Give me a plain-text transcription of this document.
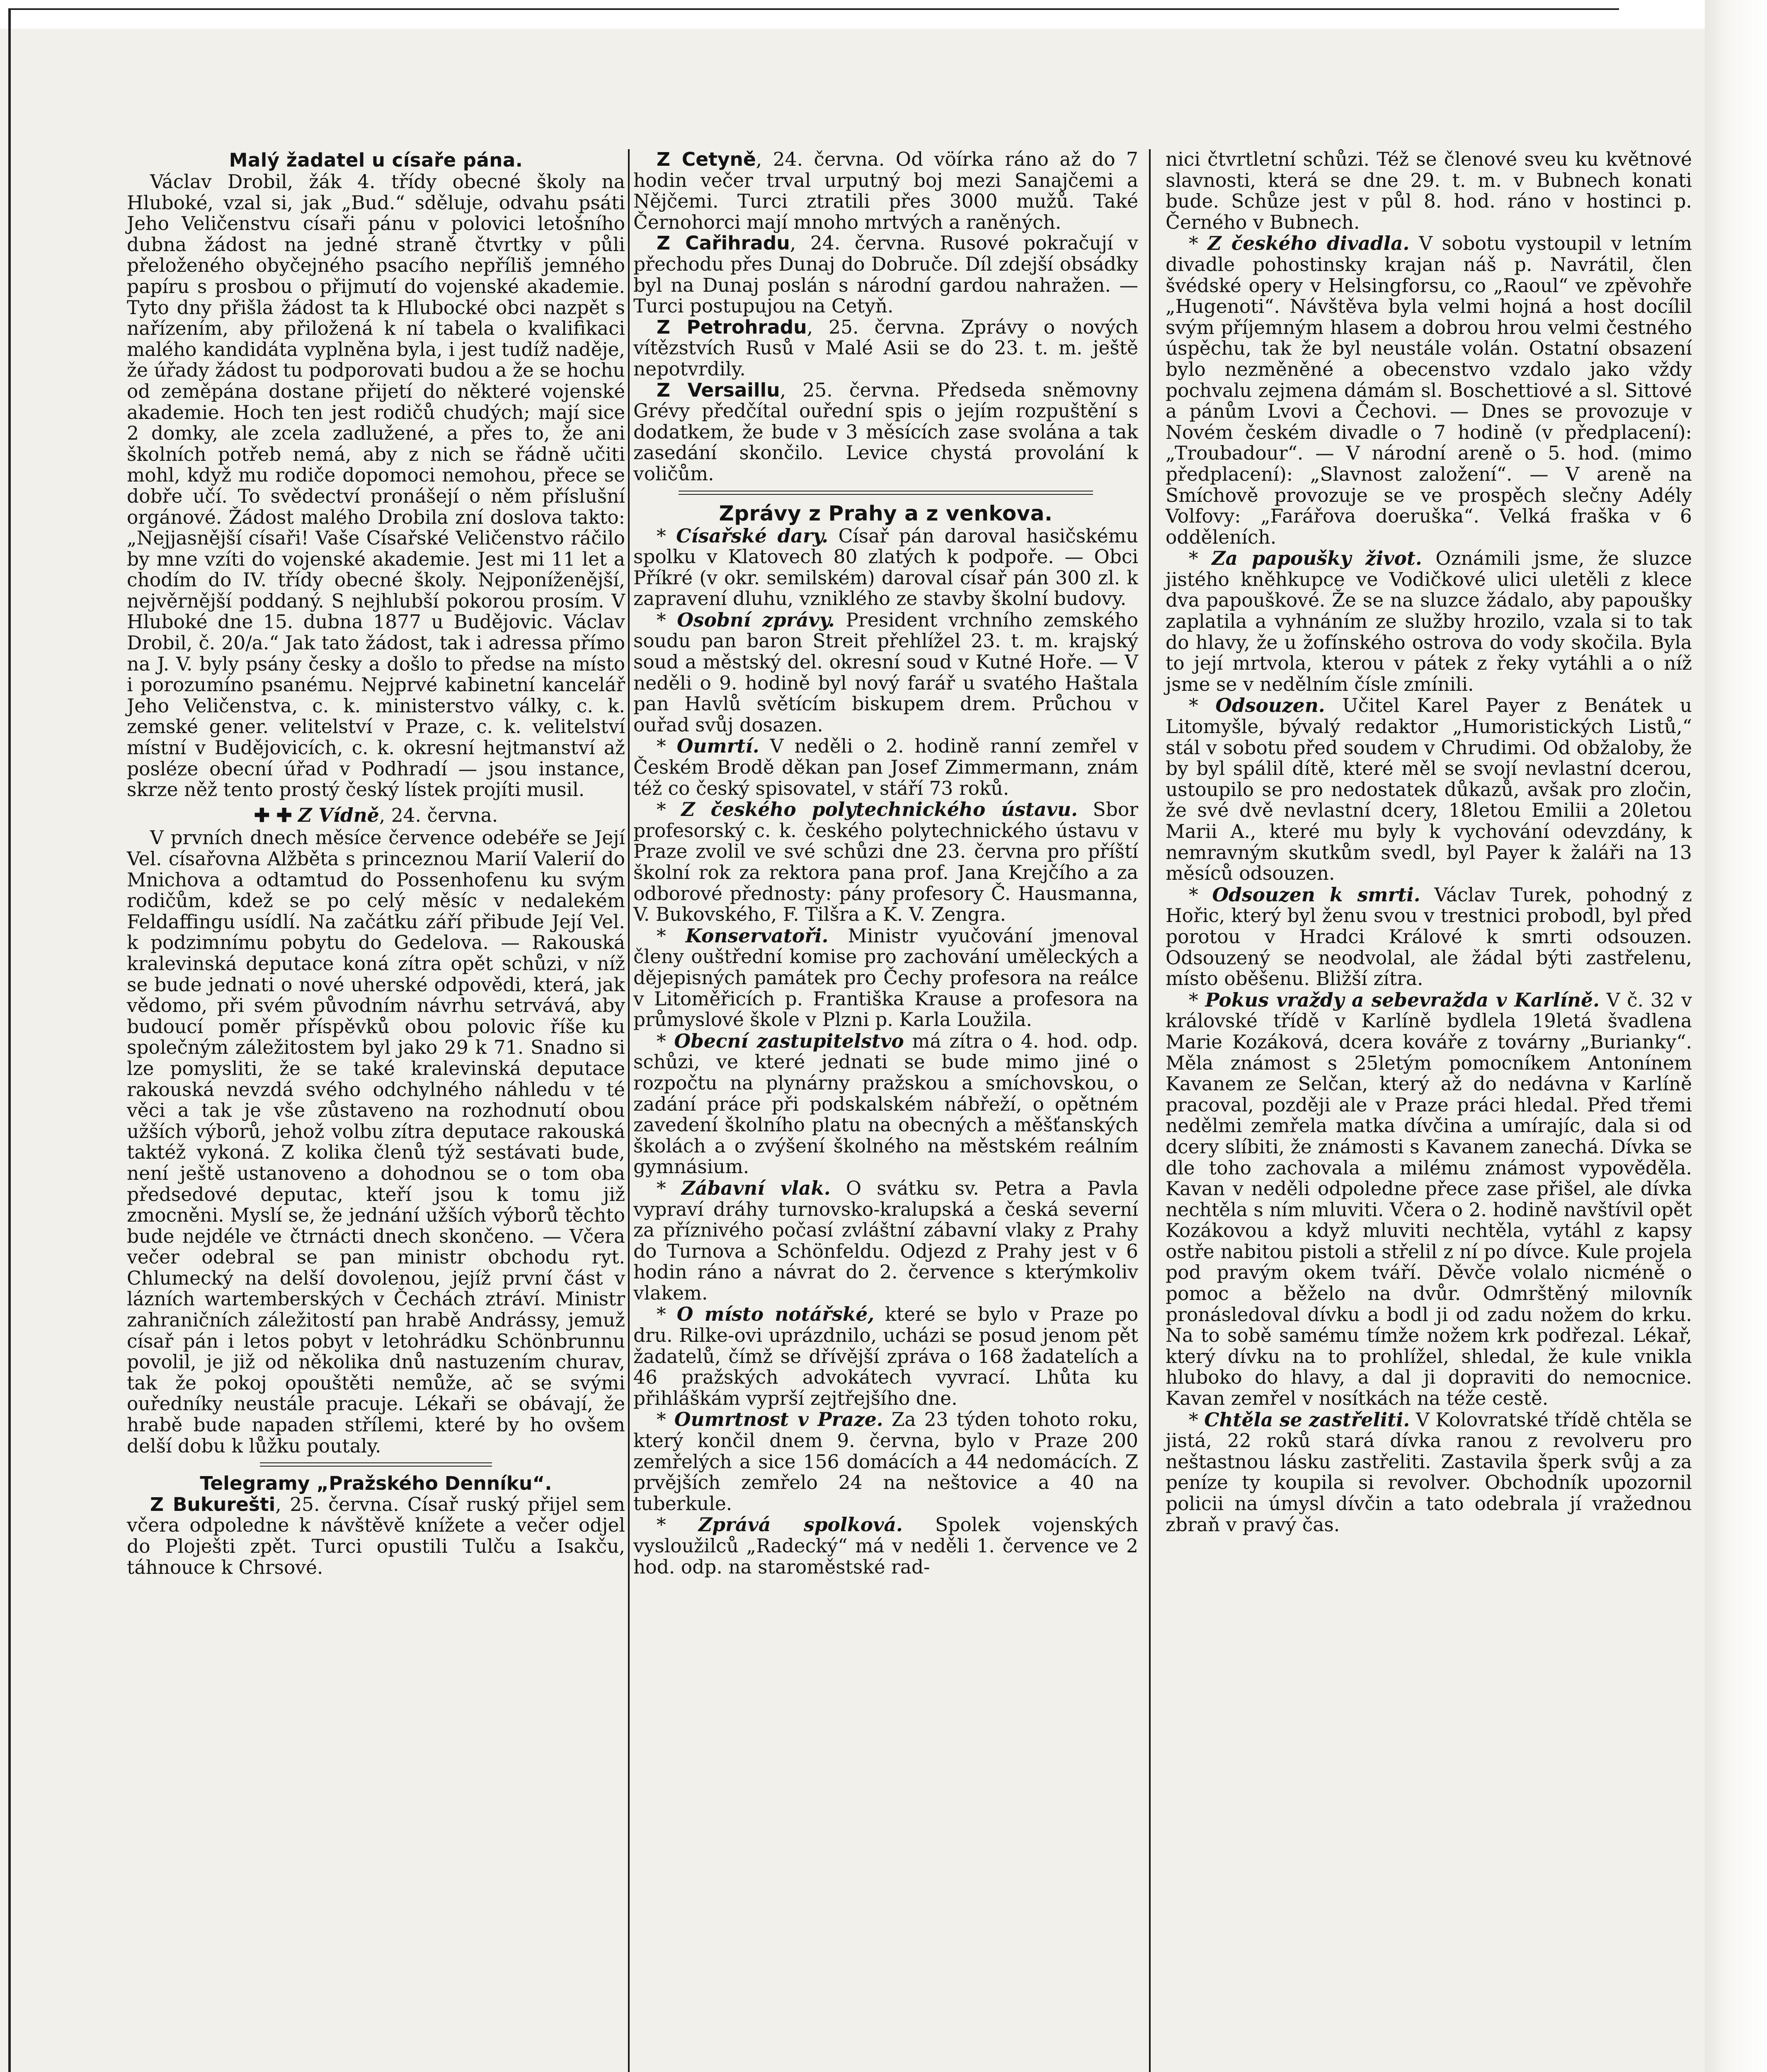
Malý žadatel u císaře pána.

Václav Drobil, žák 4. třídy obecné školy na Hluboké, vzal si, jak „Bud.“ sděluje, odvahu psáti Jeho Veličenstvu císaři pánu v polovici letošního dubna žádost na jedné straně čtvrtky v půli přeloženého obyčejného psacího nepříliš jemného papíru s prosbou o přijmutí do vojenské akademie. Tyto dny přišla žádost ta k Hlubocké obci nazpět s nařízením, aby přiložená k ní tabela o kvalifikaci malého kandidáta vyplněna byla, i jest tudíž naděje, že úřady žádost tu podporovati budou a že se hochu od zeměpána dostane přijetí do některé vojenské akademie. Hoch ten jest rodičů chudých; mají sice 2 domky, ale zcela zadlužené, a přes to, že ani školních potřeb nemá, aby z nich se řádně učiti mohl, když mu rodiče dopomoci nemohou, přece se dobře učí. To svědectví pronášejí o něm příslušní orgánové. Žádost malého Drobila zní doslova takto: „Nejjasnější císaři! Vaše Císařské Veličenstvo ráčilo by mne vzíti do vojenské akademie. Jest mi 11 let a chodím do IV. třídy obecné školy. Nejponíženější, nejvěrnější poddaný. S nejhlubší pokorou prosím. V Hluboké dne 15. dubna 1877 u Budějovic. Václav Drobil, č. 20/a.“ Jak tato žádost, tak i adressa přímo na J. V. byly psány česky a došlo to předse na místo i porozumíno psanému. Nejprvé kabinetní kancelář Jeho Veličenstva, c. k. ministerstvo války, c. k. zemské gener. velitelství v Praze, c. k. velitelství místní v Budějovicích, c. k. okresní hejtmanství až posléze obecní úřad v Podhradí — jsou instance, skrze něž tento prostý český lístek projíti musil.

✚ ✚ Z Vídně, 24. června.

V prvních dnech měsíce července odebéře se Její Vel. císařovna Alžběta s princeznou Marií Valerií do Mnichova a odtamtud do Possenhofenu ku svým rodičům, kdež se po celý měsíc v nedalekém Feldaffingu usídlí. Na začátku září přibude Její Vel. k podzimnímu pobytu do Gedelova. — Rakouská kralevinská deputace koná zítra opět schůzi, v níž se bude jednati o nové uherské odpovědi, která, jak vědomo, při svém původním návrhu setrvává, aby budoucí poměr příspěvků obou polovic říše ku společným záležitostem byl jako 29 k 71. Snadno si lze pomysliti, že se také kralevinská deputace rakouská nevzdá svého odchylného náhledu v té věci a tak je vše zůstaveno na rozhodnutí obou užších výborů, jehož volbu zítra deputace rakouská taktéž vykoná. Z kolika členů týž sestávati bude, není ještě ustanoveno a dohodnou se o tom oba předsedové deputac, kteří jsou k tomu již zmocněni. Myslí se, že jednání užších výborů těchto bude nejdéle ve čtrnácti dnech skončeno. — Včera večer odebral se pan ministr obchodu ryt. Chlumecký na delší dovolenou, jejíž první část v lázních wartemberských v Čechách ztráví. Ministr zahraničních záležitostí pan hrabě Andrássy, jemuž císař pán i letos pobyt v letohrádku Schönbrunnu povolil, je již od několika dnů nastuzením churav, tak že pokoj opouštěti nemůže, ač se svými ouředníky neustále pracuje. Lékaři se obávají, že hrabě bude napaden střílemi, které by ho ovšem delší dobu k lůžku poutaly.

Telegramy „Pražského Denníku“.

Z Bukurešti, 25. června. Císař ruský přijel sem včera odpoledne k návštěvě knížete a večer odjel do Ploješti zpět. Turci opustili Tulču a Isakču, táhnouce k Chrsové.

Z Cetyně, 24. června. Od vöírka ráno až do 7 hodin večer trval urputný boj mezi Sanajčemi a Nějčemi. Turci ztratili přes 3000 mužů. Také Černohorci mají mnoho mrtvých a raněných.

Z Cařihradu, 24. června. Rusové pokračují v přechodu přes Dunaj do Dobruče. Díl zdejší obsádky byl na Dunaj poslán s národní gardou nahražen. — Turci postupujou na Cetyň.

Z Petrohradu, 25. června. Zprávy o nových vítězstvích Rusů v Malé Asii se do 23. t. m. ještě nepotvrdily.

Z Versaillu, 25. června. Předseda sněmovny Grévy předčítal ouřední spis o jejím rozpuštění s dodatkem, že bude v 3 měsících zase svolána a tak zasedání skončilo. Levice chystá provolání k voličům.

Zprávy z Prahy a z venkova.

* Císařské dary. Císař pán daroval hasičskému spolku v Klatovech 80 zlatých k podpoře. — Obci Příkré (v okr. semilském) daroval císař pán 300 zl. k zapravení dluhu, vzniklého ze stavby školní budovy.

* Osobní zprávy. President vrchního zemského soudu pan baron Streit přehlížel 23. t. m. krajský soud a městský del. okresní soud v Kutné Hoře. — V neděli o 9. hodině byl nový farář u svatého Haštala pan Havlů světícím biskupem drem. Průchou v ouřad svůj dosazen.

* Oumrtí. V neděli o 2. hodině ranní zemřel v Českém Brodě děkan pan Josef Zimmermann, znám též co český spisovatel, v stáří 73 roků.

* Z českého polytechnického ústavu. Sbor profesorský c. k. českého polytechnického ústavu v Praze zvolil ve své schůzi dne 23. června pro příští školní rok za rektora pana prof. Jana Krejčího a za odborové přednosty: pány profesory Č. Hausmanna, V. Bukovského, F. Tilšra a K. V. Zengra.

* Konservatoři. Ministr vyučování jmenoval členy ouštřední komise pro zachování uměleckých a dějepisných památek pro Čechy profesora na reálce v Litoměřicích p. Františka Krause a profesora na průmyslové škole v Plzni p. Karla Loužila.

* Obecní zastupitelstvo má zítra o 4. hod. odp. schůzi, ve které jednati se bude mimo jiné o rozpočtu na plynárny pražskou a smíchovskou, o zadání práce při podskalském nábřeží, o opětném zavedení školního platu na obecných a měšťanských školách a o zvýšení školného na městském reálním gymnásium.

* Zábavní vlak. O svátku sv. Petra a Pavla vypraví dráhy turnovsko-kralupská a česká severní za příznivého počasí zvláštní zábavní vlaky z Prahy do Turnova a Schönfeldu. Odjezd z Prahy jest v 6 hodin ráno a návrat do 2. července s kterýmkoliv vlakem.

* O místo notářské, které se bylo v Praze po dru. Rilke-ovi uprázdnilo, ucházi se posud jenom pět žadatelů, čímž se dřívější zpráva o 168 žadatelích a 46 pražských advokátech vyvrací. Lhůta ku přihláškám vyprší zejtřejšího dne.

* Oumrtnost v Praze. Za 23 týden tohoto roku, který končil dnem 9. června, bylo v Praze 200 zemřelých a sice 156 domácích a 44 nedomácích. Z prvějších zemřelo 24 na neštovice a 40 na tuberkule.

* Zprává spolková. Spolek vojenských vysloužilců „Radecký“ má v neděli 1. července ve 2 hod. odp. na staroměstské rad-

nici čtvrtletní schůzi. Též se členové sveu ku květnové slavnosti, která se dne 29. t. m. v Bubnech konati bude. Schůze jest v půl 8. hod. ráno v hostinci p. Černého v Bubnech.

* Z českého divadla. V sobotu vystoupil v letním divadle pohostinsky krajan náš p. Navrátil, člen švédské opery v Helsingforsu, co „Raoul“ ve zpěvohře „Hugenoti“. Návštěva byla velmi hojná a host docílil svým příjemným hlasem a dobrou hrou velmi čestného úspěchu, tak že byl neustále volán. Ostatní obsazení bylo nezměněné a obecenstvo vzdalo jako vždy pochvalu zejmena dámám sl. Boschettiové a sl. Sittové a pánům Lvovi a Čechovi. — Dnes se provozuje v Novém českém divadle o 7 hodině (v předplacení): „Troubadour“. — V národní areně o 5. hod. (mimo předplacení): „Slavnost založení“. — V areně na Smíchově provozuje se ve prospěch slečny Adély Volfovy: „Farářova doeruška“. Velká fraška v 6 odděleních.

* Za papoušky život. Oznámili jsme, že sluzce jistého kněhkupce ve Vodičkové ulici uletěli z klece dva papouškové. Že se na sluzce žádalo, aby papoušky zaplatila a vyhnáním ze služby hrozilo, vzala si to tak do hlavy, že u žofínského ostrova do vody skočila. Byla to její mrtvola, kterou v pátek z řeky vytáhli a o níž jsme se v nedělním čísle zmínili.

* Odsouzen. Učitel Karel Payer z Benátek u Litomyšle, bývalý redaktor „Humoristických Listů,“ stál v sobotu před soudem v Chrudimi. Od obžaloby, že by byl spálil dítě, které měl se svojí nevlastní dcerou, ustoupilo se pro nedostatek důkazů, avšak pro zločin, že své dvě nevlastní dcery, 18letou Emilii a 20letou Marii A., které mu byly k vychování odevzdány, k nemravným skutkům svedl, byl Payer k žaláři na 13 měsíců odsouzen.

* Odsouzen k smrti. Václav Turek, pohodný z Hořic, který byl ženu svou v trestnici probodl, byl před porotou v Hradci Králové k smrti odsouzen. Odsouzený se neodvolal, ale žádal býti zastřelenu, místo oběšenu. Bližší zítra.

* Pokus vraždy a sebevražda v Karlíně. V č. 32 v královské třídě v Karlíně bydlela 19letá švadlena Marie Kozáková, dcera kováře z továrny „Burianky“. Měla známost s 25letým pomocníkem Antonínem Kavanem ze Selčan, který až do nedávna v Karlíně pracoval, později ale v Praze práci hledal. Před třemi nedělmi zemřela matka dívčina a umírajíc, dala si od dcery slíbiti, že známosti s Kavanem zanechá. Dívka se dle toho zachovala a milému známost vypověděla. Kavan v neděli odpoledne přece zase přišel, ale dívka nechtěla s ním mluviti. Včera o 2. hodině navštívil opět Kozákovou a když mluviti nechtěla, vytáhl z kapsy ostře nabitou pistoli a střelil z ní po dívce. Kule projela pod pravým okem tváří. Děvče volalo nicméně o pomoc a běželo na dvůr. Odmrštěný milovník pronásledoval dívku a bodl ji od zadu nožem do krku. Na to sobě samému tímže nožem krk podřezal. Lékař, který dívku na to prohlížel, shledal, že kule vnikla hluboko do hlavy, a dal ji dopraviti do nemocnice. Kavan zemřel v nosítkách na téže cestě.

* Chtěla se zastřeliti. V Kolovratské třídě chtěla se jistá, 22 roků stará dívka ranou z revolveru pro neštastnou lásku zastřeliti. Zastavila šperk svůj a za peníze ty koupila si revolver. Obchodník upozornil policii na úmysl dívčin a tato odebrala jí vražednou zbraň v pravý čas.
